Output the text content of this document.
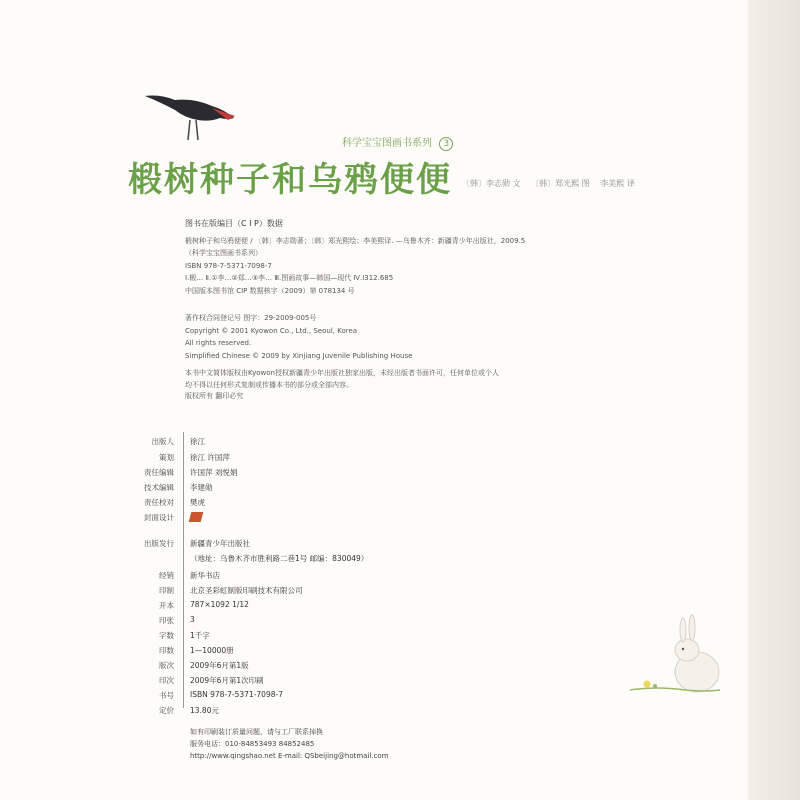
科学宝宝图画书系列 3
椴树种子和乌鸦便便 〔韩〕李志勋 文 〔韩〕郑光熙 图 李美熙 译
图书在版编目（C I P）数据
椴树种子和乌鸦便便 / 〔韩〕李志勋著；〔韩〕郑光熙绘；李美熙译. —乌鲁木齐：新疆青少年出版社，2009.5
（科学宝宝图画书系列）
ISBN 978-7-5371-7098-7
Ⅰ.椴… Ⅱ.①李…②郑…③李… Ⅲ.图画故事—韩国—现代 Ⅳ.I312.685
中国版本图书馆 CIP 数据核字（2009）第 078134 号
著作权合同登记号 图字：29-2009-005号
Copyright © 2001 Kyowon Co., Ltd., Seoul, Korea
All rights reserved.
Simplified Chinese © 2009 by Xinjiang Juvenile Publishing House
本书中文简体版权由Kyowon授权新疆青少年出版社独家出版，未经出版者书面许可，任何单位或个人
均不得以任何形式复制或传播本书的部分或全部内容。
版权所有 翻印必究
出版人 徐江
策划 徐江 许国萍
责任编辑 许国萍 刘悦娟
技术编辑 李建勋
责任校对 樊虎
封面设计
出版发行 新疆青少年出版社
（地址：乌鲁木齐市胜利路二巷1号 邮编：830049）
经销 新华书店
印制 北京圣彩虹制版印刷技术有限公司
开本 787×1092 1/12
印张 3
字数 1千字
印数 1—10000册
版次 2009年6月第1版
印次 2009年6月第1次印刷
书号 ISBN 978-7-5371-7098-7
定价 13.80元
如有印刷装订质量问题，请与工厂联系掉换
服务电话：010-84853493 84852485
http://www.qingshao.net E-mail: QSbeijing@hotmail.com
